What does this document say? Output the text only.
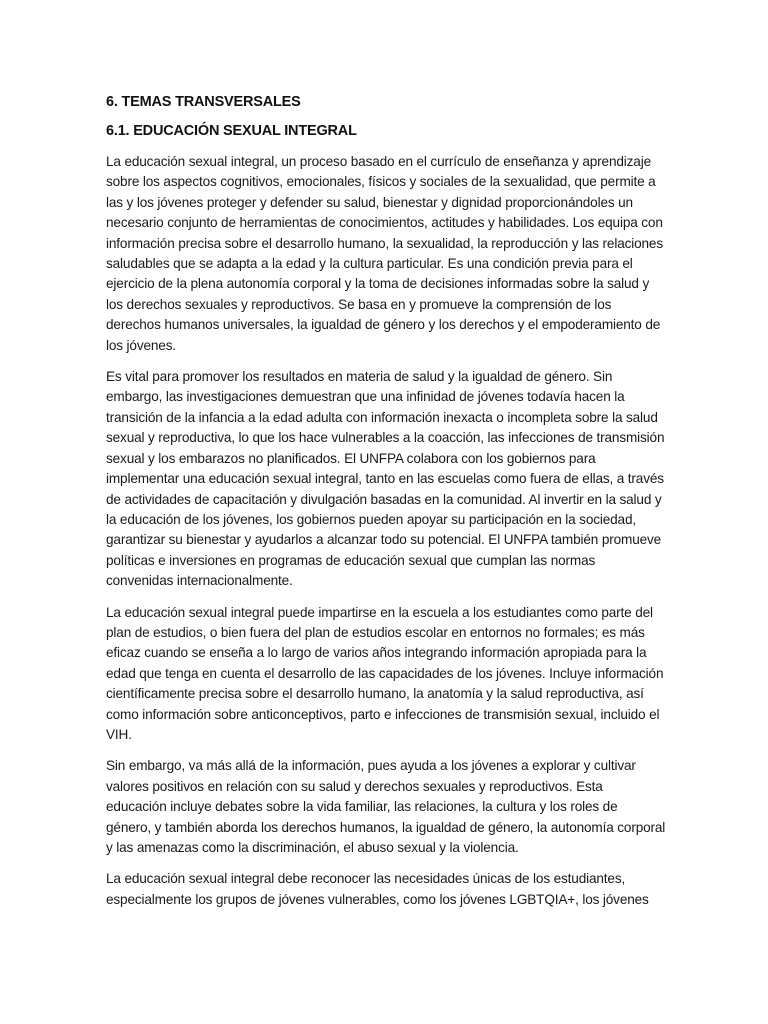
6. TEMAS TRANSVERSALES
6.1. EDUCACIÓN SEXUAL INTEGRAL

La educación sexual integral, un proceso basado en el currículo de enseñanza y aprendizaje sobre los aspectos cognitivos, emocionales, físicos y sociales de la sexualidad, que permite a las y los jóvenes proteger y defender su salud, bienestar y dignidad proporcionándoles un necesario conjunto de herramientas de conocimientos, actitudes y habilidades. Los equipa con información precisa sobre el desarrollo humano, la sexualidad, la reproducción y las relaciones saludables que se adapta a la edad y la cultura particular. Es una condición previa para el ejercicio de la plena autonomía corporal y la toma de decisiones informadas sobre la salud y los derechos sexuales y reproductivos. Se basa en y promueve la comprensión de los derechos humanos universales, la igualdad de género y los derechos y el empoderamiento de los jóvenes.

Es vital para promover los resultados en materia de salud y la igualdad de género. Sin embargo, las investigaciones demuestran que una infinidad de jóvenes todavía hacen la transición de la infancia a la edad adulta con información inexacta o incompleta sobre la salud sexual y reproductiva, lo que los hace vulnerables a la coacción, las infecciones de transmisión sexual y los embarazos no planificados. El UNFPA colabora con los gobiernos para implementar una educación sexual integral, tanto en las escuelas como fuera de ellas, a través de actividades de capacitación y divulgación basadas en la comunidad. Al invertir en la salud y la educación de los jóvenes, los gobiernos pueden apoyar su participación en la sociedad, garantizar su bienestar y ayudarlos a alcanzar todo su potencial. El UNFPA también promueve políticas e inversiones en programas de educación sexual que cumplan las normas convenidas internacionalmente.

La educación sexual integral puede impartirse en la escuela a los estudiantes como parte del plan de estudios, o bien fuera del plan de estudios escolar en entornos no formales; es más eficaz cuando se enseña a lo largo de varios años integrando información apropiada para la edad que tenga en cuenta el desarrollo de las capacidades de los jóvenes. Incluye información científicamente precisa sobre el desarrollo humano, la anatomía y la salud reproductiva, así como información sobre anticonceptivos, parto e infecciones de transmisión sexual, incluido el VIH.

Sin embargo, va más allá de la información, pues ayuda a los jóvenes a explorar y cultivar valores positivos en relación con su salud y derechos sexuales y reproductivos. Esta educación incluye debates sobre la vida familiar, las relaciones, la cultura y los roles de género, y también aborda los derechos humanos, la igualdad de género, la autonomía corporal y las amenazas como la discriminación, el abuso sexual y la violencia.

La educación sexual integral debe reconocer las necesidades únicas de los estudiantes, especialmente los grupos de jóvenes vulnerables, como los jóvenes LGBTQIA+, los jóvenes
